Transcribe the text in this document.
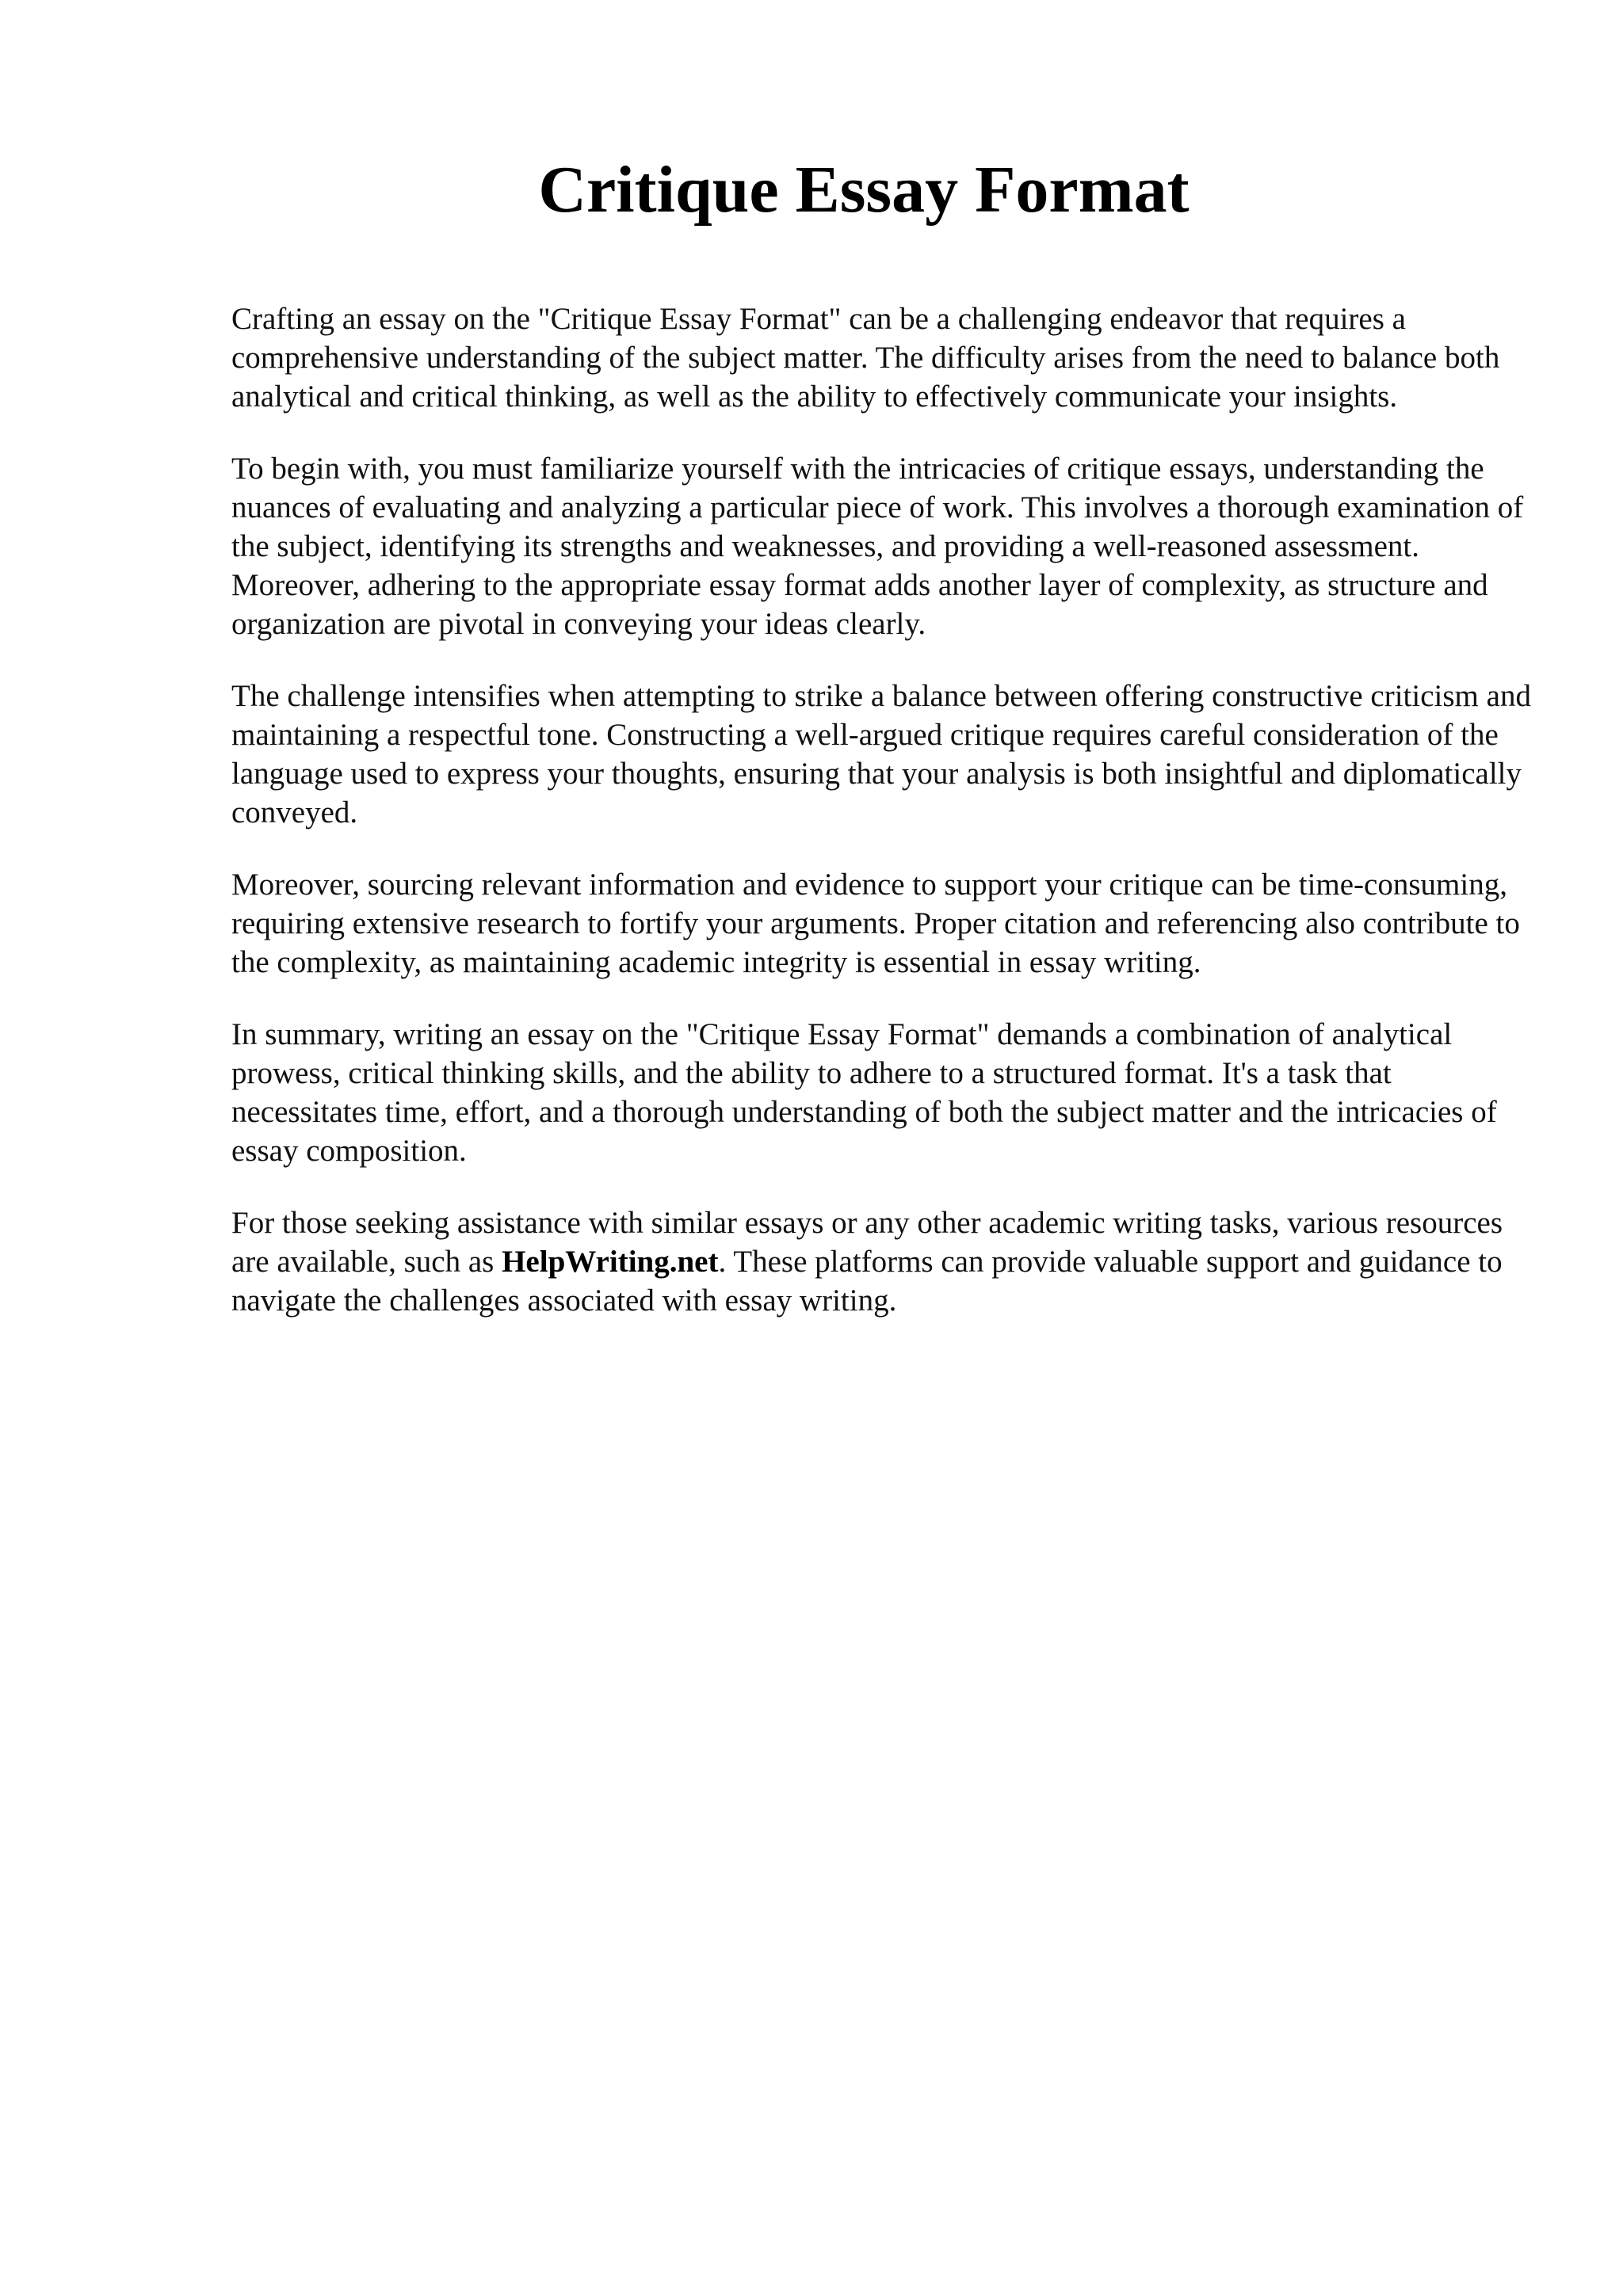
Critique Essay Format

Crafting an essay on the "Critique Essay Format" can be a challenging endeavor that requires a comprehensive understanding of the subject matter. The difficulty arises from the need to balance both analytical and critical thinking, as well as the ability to effectively communicate your insights.

To begin with, you must familiarize yourself with the intricacies of critique essays, understanding the nuances of evaluating and analyzing a particular piece of work. This involves a thorough examination of the subject, identifying its strengths and weaknesses, and providing a well-reasoned assessment. Moreover, adhering to the appropriate essay format adds another layer of complexity, as structure and organization are pivotal in conveying your ideas clearly.

The challenge intensifies when attempting to strike a balance between offering constructive criticism and maintaining a respectful tone. Constructing a well-argued critique requires careful consideration of the language used to express your thoughts, ensuring that your analysis is both insightful and diplomatically conveyed.

Moreover, sourcing relevant information and evidence to support your critique can be time-consuming, requiring extensive research to fortify your arguments. Proper citation and referencing also contribute to the complexity, as maintaining academic integrity is essential in essay writing.

In summary, writing an essay on the "Critique Essay Format" demands a combination of analytical prowess, critical thinking skills, and the ability to adhere to a structured format. It's a task that necessitates time, effort, and a thorough understanding of both the subject matter and the intricacies of essay composition.

For those seeking assistance with similar essays or any other academic writing tasks, various resources are available, such as HelpWriting.net. These platforms can provide valuable support and guidance to navigate the challenges associated with essay writing.
